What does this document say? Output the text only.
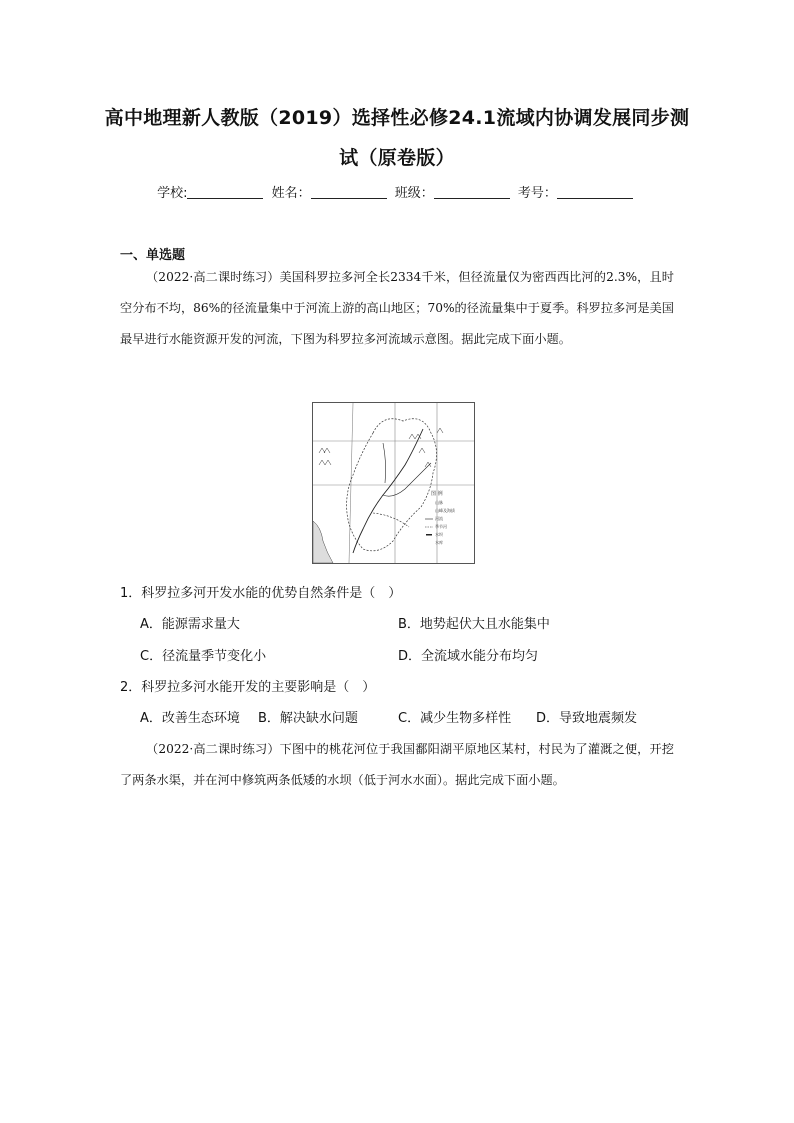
高中地理新人教版（2019）选择性必修24.1流域内协调发展同步测试（原卷版）
学校:	姓名：	班级：	考号：
一、单选题
（2022·高二课时练习）美国科罗拉多河全长2334千米，但径流量仅为密西西比河的2.3%，且时空分布不均，86%的径流量集中于河流上游的高山地区；70%的径流量集中于夏季。科罗拉多河是美国最早进行水能资源开发的河流，下图为科罗拉多河流域示意图。据此完成下面小题。
图 例
山脉
山峰及海拔
河流
季节河
水坝
水库
1．科罗拉多河开发水能的优势自然条件是（　）
A．能源需求量大	B．地势起伏大且水能集中
C．径流量季节变化小	D．全流域水能分布均匀
2．科罗拉多河水能开发的主要影响是（　）
A．改善生态环境 B．解决缺水问题	C．减少生物多样性 D．导致地震频发
（2022·高二课时练习）下图中的桃花河位于我国鄱阳湖平原地区某村，村民为了灌溉之便，开挖了两条水渠，并在河中修筑两条低矮的水坝（低于河水水面）。据此完成下面小题。
